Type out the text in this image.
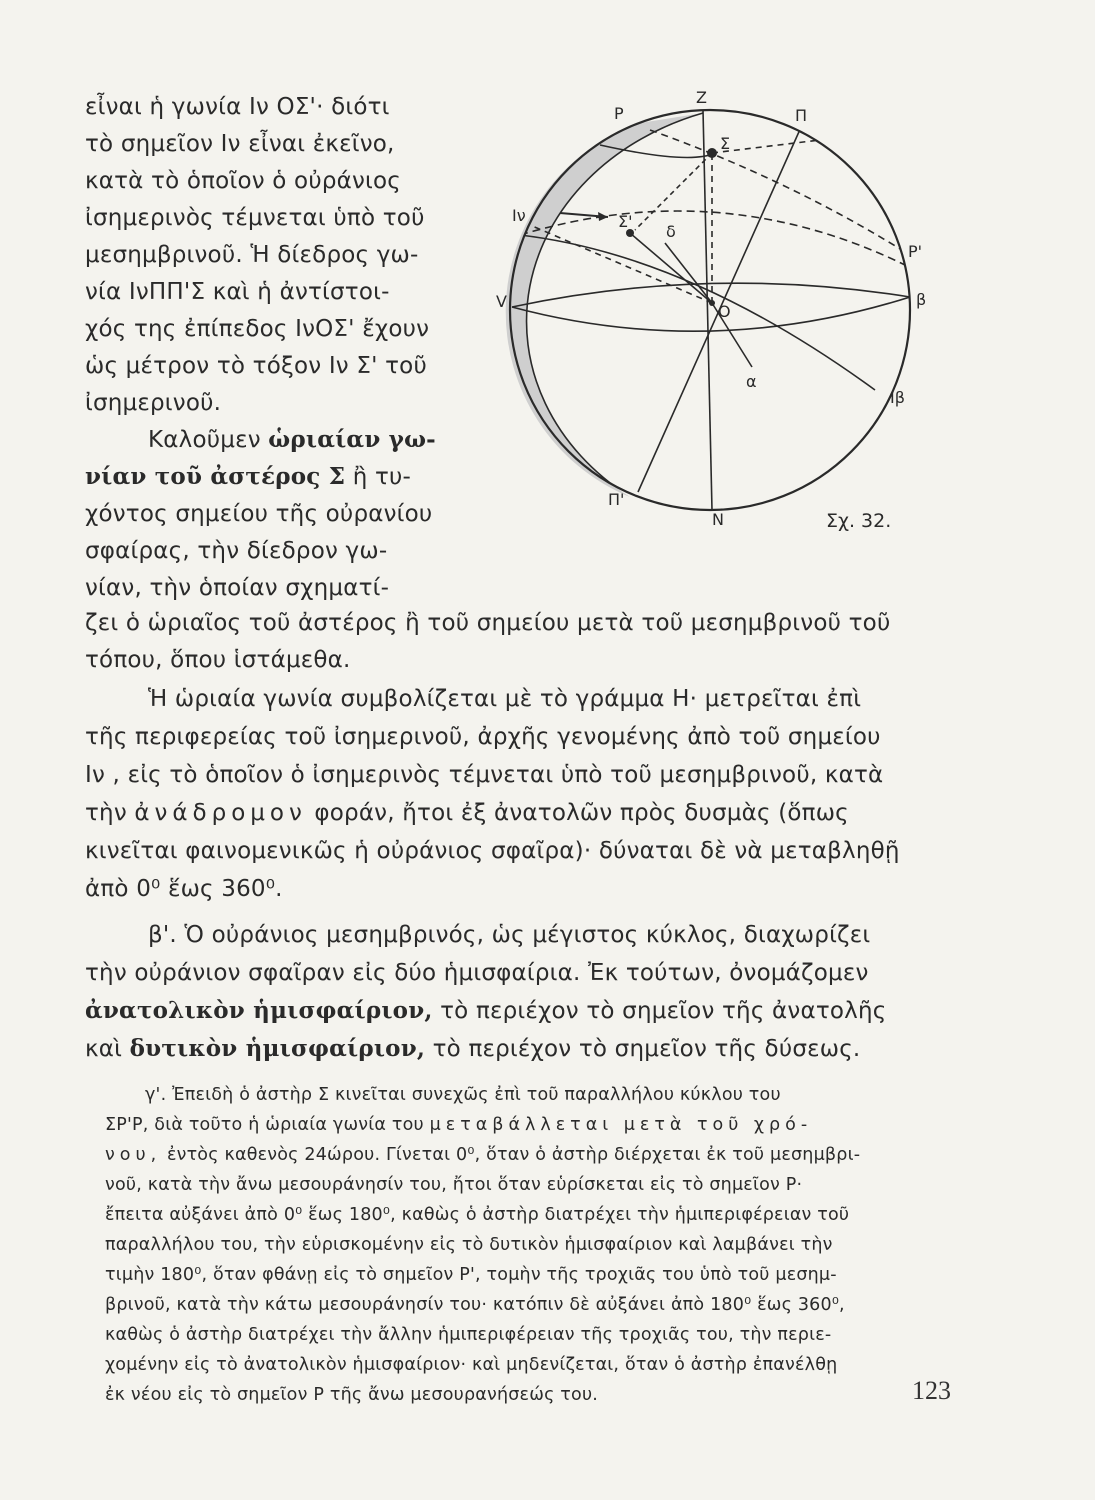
εἶναι ἡ γωνία Iν ΟΣ'· διότι
τὸ σημεῖον Iν εἶναι ἐκεῖνο,
κατὰ τὸ ὁποῖον ὁ οὐράνιος
ἰσημερινὸς τέμνεται ὑπὸ τοῦ
μεσημβρινοῦ. Ἡ δίεδρος γω-
νία IνΠΠ'Σ καὶ ἡ ἀντίστοι-
χός της ἐπίπεδος IνΟΣ' ἔχουν
ὡς μέτρον τὸ τόξον Iν Σ' τοῦ
ἰσημερινοῦ.
Καλοῦμεν ὡριαίαν γω-
νίαν τοῦ ἀστέρος Σ ἢ τυ-
χόντος σημείου τῆς οὐρανίου
σφαίρας, τὴν δίεδρον γω-
νίαν, τὴν ὁποίαν σχηματί-
ζει ὁ ὡριαῖος τοῦ ἀστέρος ἢ τοῦ σημείου μετὰ τοῦ μεσημβρινοῦ τοῦ
τόπου, ὅπου ἱστάμεθα.
Ἡ ὡριαία γωνία συμβολίζεται μὲ τὸ γράμμα Η· μετρεῖται ἐπὶ
τῆς περιφερείας τοῦ ἰσημερινοῦ, ἀρχῆς γενομένης ἀπὸ τοῦ σημείου
Iν , εἰς τὸ ὁποῖον ὁ ἰσημερινὸς τέμνεται ὑπὸ τοῦ μεσημβρινοῦ, κατὰ
τὴν ἀνάδρομον φοράν, ἤτοι ἐξ ἀνατολῶν πρὸς δυσμὰς (ὅπως
κινεῖται φαινομενικῶς ἡ οὐράνιος σφαῖρα)· δύναται δὲ νὰ μεταβληθῇ
ἀπὸ 0⁰ ἕως 360⁰.
β'. Ὁ οὐράνιος μεσημβρινός, ὡς μέγιστος κύκλος, διαχωρίζει
τὴν οὐράνιον σφαῖραν εἰς δύο ἡμισφαίρια. Ἐκ τούτων, ὀνομάζομεν
ἀνατολικὸν ἡμισφαίριον, τὸ περιέχον τὸ σημεῖον τῆς ἀνατολῆς
καὶ δυτικὸν ἡμισφαίριον, τὸ περιέχον τὸ σημεῖον τῆς δύσεως.
γ'. Ἐπειδὴ ὁ ἀστὴρ Σ κινεῖται συνεχῶς ἐπὶ τοῦ παραλλήλου κύκλου του
ΣΡ'Ρ, διὰ τοῦτο ἡ ὡριαία γωνία του μεταβάλλεται μετὰ τοῦ χρό-
νου, ἐντὸς καθενὸς 24ώρου. Γίνεται 0⁰, ὅταν ὁ ἀστὴρ διέρχεται ἐκ τοῦ μεσημβρι-
νοῦ, κατὰ τὴν ἄνω μεσουράνησίν του, ἤτοι ὅταν εὑρίσκεται εἰς τὸ σημεῖον Ρ·
ἔπειτα αὐξάνει ἀπὸ 0⁰ ἕως 180⁰, καθὼς ὁ ἀστὴρ διατρέχει τὴν ἡμιπεριφέρειαν τοῦ
παραλλήλου του, τὴν εὑρισκομένην εἰς τὸ δυτικὸν ἡμισφαίριον καὶ λαμβάνει τὴν
τιμὴν 180⁰, ὅταν φθάνῃ εἰς τὸ σημεῖον Ρ', τομὴν τῆς τροχιᾶς του ὑπὸ τοῦ μεσημ-
βρινοῦ, κατὰ τὴν κάτω μεσουράνησίν του· κατόπιν δὲ αὐξάνει ἀπὸ 180⁰ ἕως 360⁰,
καθὼς ὁ ἀστὴρ διατρέχει τὴν ἄλλην ἡμιπεριφέρειαν τῆς τροχιᾶς του, τὴν περιε-
χομένην εἰς τὸ ἀνατολικὸν ἡμισφαίριον· καὶ μηδενίζεται, ὅταν ὁ ἀστὴρ ἐπανέλθῃ
ἐκ νέου εἰς τὸ σημεῖον Ρ τῆς ἄνω μεσουρανήσεώς του.
Z
Ρ	Π
Σ
Iν	Σ'
δ
Ρ'
V
Ο
β
α
Iβ
Π'
N	Σχ. 32.
123
